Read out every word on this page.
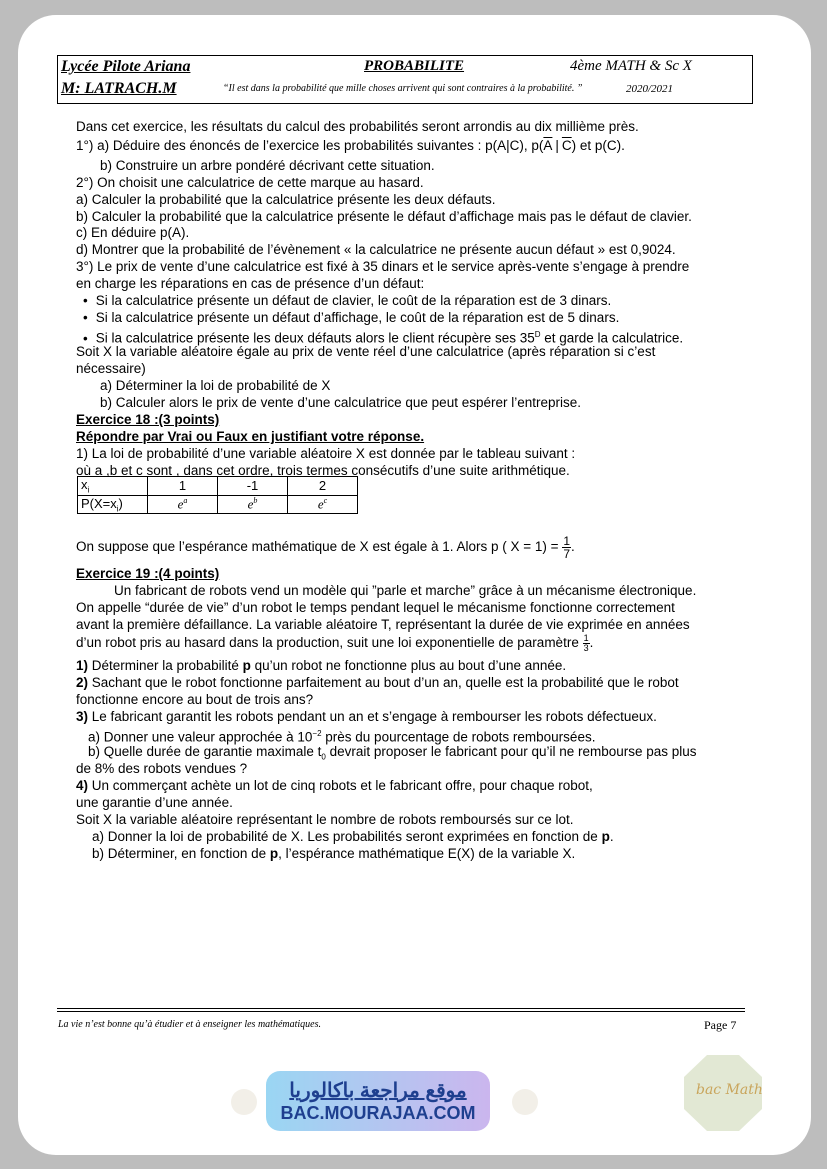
Lycée Pilote Ariana	PROBABILITE	4ème MATH & Sc X
M: LATRACH.M	“Il est dans la probabilité que mille choses arrivent qui sont contraires à la probabilité. ”	2020/2021
Dans cet exercice, les résultats du calcul des probabilités seront arrondis au dix millième près.
1°) a) Déduire des énoncés de l’exercice les probabilités suivantes : p(A|C), $p(\overline{A}$ | $\overline{C}$) et p(C).
b) Construire un arbre pondéré décrivant cette situation.
2°) On choisit une calculatrice de cette marque au hasard.
a) Calculer la probabilité que la calculatrice présente les deux défauts.
b) Calculer la probabilité que la calculatrice présente le défaut d’affichage mais pas le défaut de clavier.
c) En déduire p(A).
d) Montrer que la probabilité de l’évènement « la calculatrice ne présente aucun défaut » est 0,9024.
3°) Le prix de vente d’une calculatrice est fixé à 35 dinars et le service après-vente s’engage à prendre
en charge les réparations en cas de présence d’un défaut:
• Si la calculatrice présente un défaut de clavier, le coût de la réparation est de 3 dinars.
• Si la calculatrice présente un défaut d’affichage, le coût de la réparation est de 5 dinars.
• Si la calculatrice présente les deux défauts alors le client récupère ses $35^D$ et garde la calculatrice.
Soit X la variable aléatoire égale au prix de vente réel d’une calculatrice (après réparation si c’est
nécessaire)
a) Déterminer la loi de probabilité de X
b) Calculer alors le prix de vente d’une calculatrice que peut espérer l’entreprise.
Exercice 18 :(3 points)
Répondre par Vrai ou Faux en justifiant votre réponse.
1) La loi de probabilité d’une variable aléatoire X est donnée par le tableau suivant :
où a ,b et c sont , dans cet ordre, trois termes consécutifs d’une suite arithmétique.
$x_i$	1	-1	2
$P(X=x_i)$	$e^a$	$e^b$	$e^c$
On suppose que l’espérance mathématique de X est égale à 1. Alors p ( $X = 1) = \frac{1}{7}$ .
Exercice 19 :(4 points)
Un fabricant de robots vend un modèle qui ”parle et marche” grâce à un mécanisme électronique.
On appelle “durée de vie” d’un robot le temps pendant lequel le mécanisme fonctionne correctement
avant la première défaillance. La variable aléatoire T, représentant la durée de vie exprimée en années
d’un robot pris au hasard dans la production, suit une loi exponentielle de paramètre $\frac{1}{3}$ .
1) Déterminer la probabilité p qu’un robot ne fonctionne plus au bout d’une année.
2) Sachant que le robot fonctionne parfaitement au bout d’un an, quelle est la probabilité que le robot
fonctionne encore au bout de trois ans?
3) Le fabricant garantit les robots pendant un an et s’engage à rembourser les robots défectueux.
a) Donner une valeur approchée à $10^{-2}$ près du pourcentage de robots remboursées.
b) Quelle durée de garantie maximale $t_0$ devrait proposer le fabricant pour qu’il ne rembourse pas plus
de 8% des robots vendues ?
4) Un commerçant achète un lot de cinq robots et le fabricant offre, pour chaque robot,
une garantie d’une année.
Soit X la variable aléatoire représentant le nombre de robots remboursés sur ce lot.
a) Donner la loi de probabilité de X. Les probabilités seront exprimées en fonction de p.
b) Déterminer, en fonction de p, l’espérance mathématique E(X) de la variable X.
La vie n’est bonne qu’à étudier et à enseigner les mathématiques.	Page 7
موقع مراجعة باكالوريا
BAC.MOURAJAA.COM
bac Math
